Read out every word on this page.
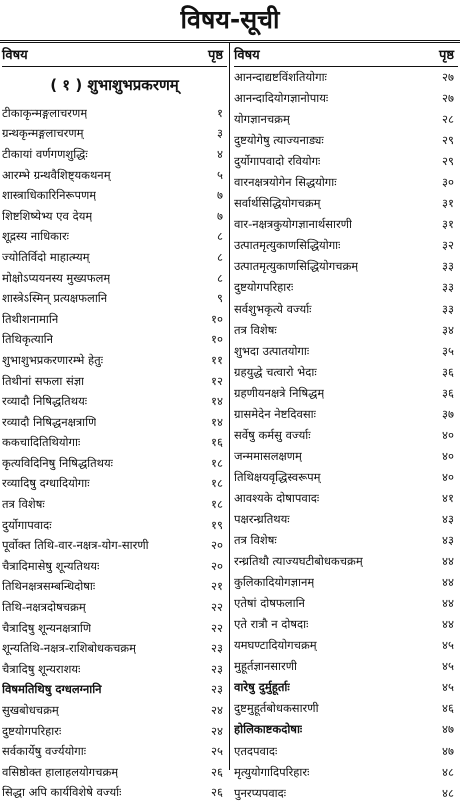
विषय-सूची
विषय	पृष्ठ
( १ ) शुभाशुभप्रकरणम्
टीकाकृन्मङ्गलाचरणम्	१
ग्रन्थकृन्मङ्गलाचरणम्	३
टीकायां वर्णगणशुद्धिः	४
आरम्भे ग्रन्थवैशिष्ट्यकथनम्	५
शास्त्राधिकारिनिरूपणम्	७
शिष्टशिष्येभ्य एव देयम्	७
शूद्रस्य नाधिकारः	८
ज्योतिर्विदो माहात्म्यम्	८
मोक्षोऽप्ययनस्य मुख्यफलम्	८
शास्त्रेऽस्मिन् प्रत्यक्षफलानि	९
तिथीशनामानि	१०
तिथिकृत्यानि	१०
शुभाशुभप्रकरणारम्भे हेतुः	११
तिथीनां सफला संज्ञा	१२
रव्यादौ निषिद्धतिथयः	१४
रव्यादौ निषिद्धनक्षत्राणि	१४
ककचादितिथियोगाः	१६
कृत्यविदिनिषु निषिद्धतिथयः	१८
रव्यादिषु दग्धादियोगाः	१८
तत्र विशेषः	१८
दुर्योगापवादः	१९
पूर्वोक्त तिथि-वार-नक्षत्र-योग-सारणी	२०
चैत्रादिमासेषु शून्यतिथयः	२०
तिथिनक्षत्रसम्बन्धिदोषाः	२१
तिथि-नक्षत्रदोषचक्रम्	२२
चैत्रादिषु शून्यनक्षत्राणि	२२
शून्यतिथि-नक्षत्र-राशिबोधकचक्रम्	२३
चैत्रादिषु शून्यराशयः	२३
विषमतिथिषु दग्धलग्नानि	२३
सुखबोधचक्रम्	२४
दुष्टयोगपरिहारः	२४
सर्वकार्येषु वर्ज्ययोगाः	२५
वसिष्ठोक्त हालाहलयोगचक्रम्	२६
सिद्धा अपि कार्यविशेषे वर्ज्याः	२६
विषय	पृष्ठ
आनन्दाद्यष्टविंशतियोगाः	२७
आनन्दादियोगज्ञानोपायः	२७
योगज्ञानचक्रम्	२८
दुष्टयोगेषु त्याज्यनाड्यः	२९
दुर्योगापवादो रवियोगः	२९
वारनक्षत्रयोगेन सिद्धयोगाः	३०
सर्वार्थसिद्धियोगचक्रम्	३१
वार-नक्षत्रकुयोगज्ञानार्थसारणी	३१
उत्पातमृत्युकाणसिद्धियोगाः	३२
उत्पातमृत्युकाणसिद्धियोगचक्रम्	३३
दुष्टयोगपरिहारः	३३
सर्वशुभकृत्ये वर्ज्याः	३३
तत्र विशेषः	३४
शुभदा उत्पातयोगाः	३५
ग्रहयुद्धे चत्वारो भेदाः	३६
ग्रहणीयनक्षत्रे निषिद्धम्	३६
ग्रासमेदेन नेष्टदिवसाः	३७
सर्वेषु कर्मसु वर्ज्याः	४०
जन्ममासलक्षणम्	४०
तिथिक्षयवृद्धिस्वरूपम्	४०
आवश्यके दोषापवादः	४१
पक्षरन्ध्रतिथयः	४३
तत्र विशेषः	४३
रन्ध्रतिथौ त्याज्यघटीबोधकचक्रम्	४४
कुलिकादियोगज्ञानम्	४४
एतेषां दोषफलानि	४४
एते रात्रौ न दोषदाः	४४
यमघण्टादियोगचक्रम्	४५
मुहूर्तज्ञानसारणी	४५
वारेषु दुर्मुहूर्ताः	४५
दुष्टमुहूर्तबोधकसारणी	४६
होलिकाष्टकदोषाः	४७
एतदपवादः	४७
मृत्युयोगादिपरिहारः	४८
पुनरप्यपवादः	४८
